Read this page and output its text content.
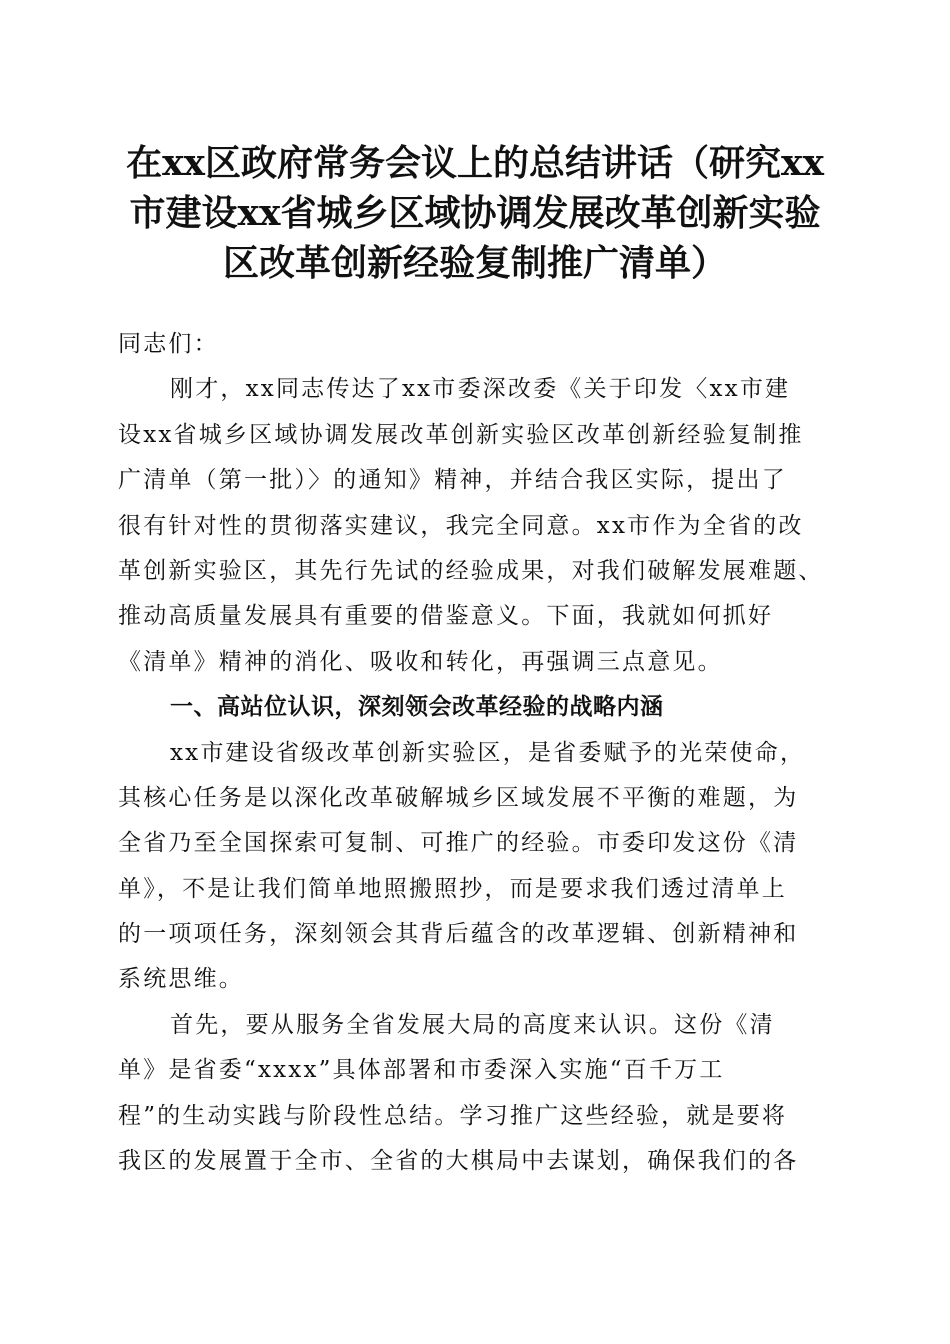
在xx区政府常务会议上的总结讲话（研究xx
市建设xx省城乡区域协调发展改革创新实验
区改革创新经验复制推广清单）
同志们：
刚才，xx同志传达了xx市委深改委《关于印发〈xx市建
设xx省城乡区域协调发展改革创新实验区改革创新经验复制推
广清单（第一批）〉的通知》精神，并结合我区实际，提出了
很有针对性的贯彻落实建议，我完全同意。xx市作为全省的改
革创新实验区，其先行先试的经验成果，对我们破解发展难题、
推动高质量发展具有重要的借鉴意义。下面，我就如何抓好
《清单》精神的消化、吸收和转化，再强调三点意见。
一、高站位认识，深刻领会改革经验的战略内涵
xx市建设省级改革创新实验区，是省委赋予的光荣使命，
其核心任务是以深化改革破解城乡区域发展不平衡的难题，为
全省乃至全国探索可复制、可推广的经验。市委印发这份《清
单》，不是让我们简单地照搬照抄，而是要求我们透过清单上
的一项项任务，深刻领会其背后蕴含的改革逻辑、创新精神和
系统思维。
首先，要从服务全省发展大局的高度来认识。这份《清
单》是省委“xxxx”具体部署和市委深入实施“百千万工
程”的生动实践与阶段性总结。学习推广这些经验，就是要将
我区的发展置于全市、全省的大棋局中去谋划，确保我们的各
